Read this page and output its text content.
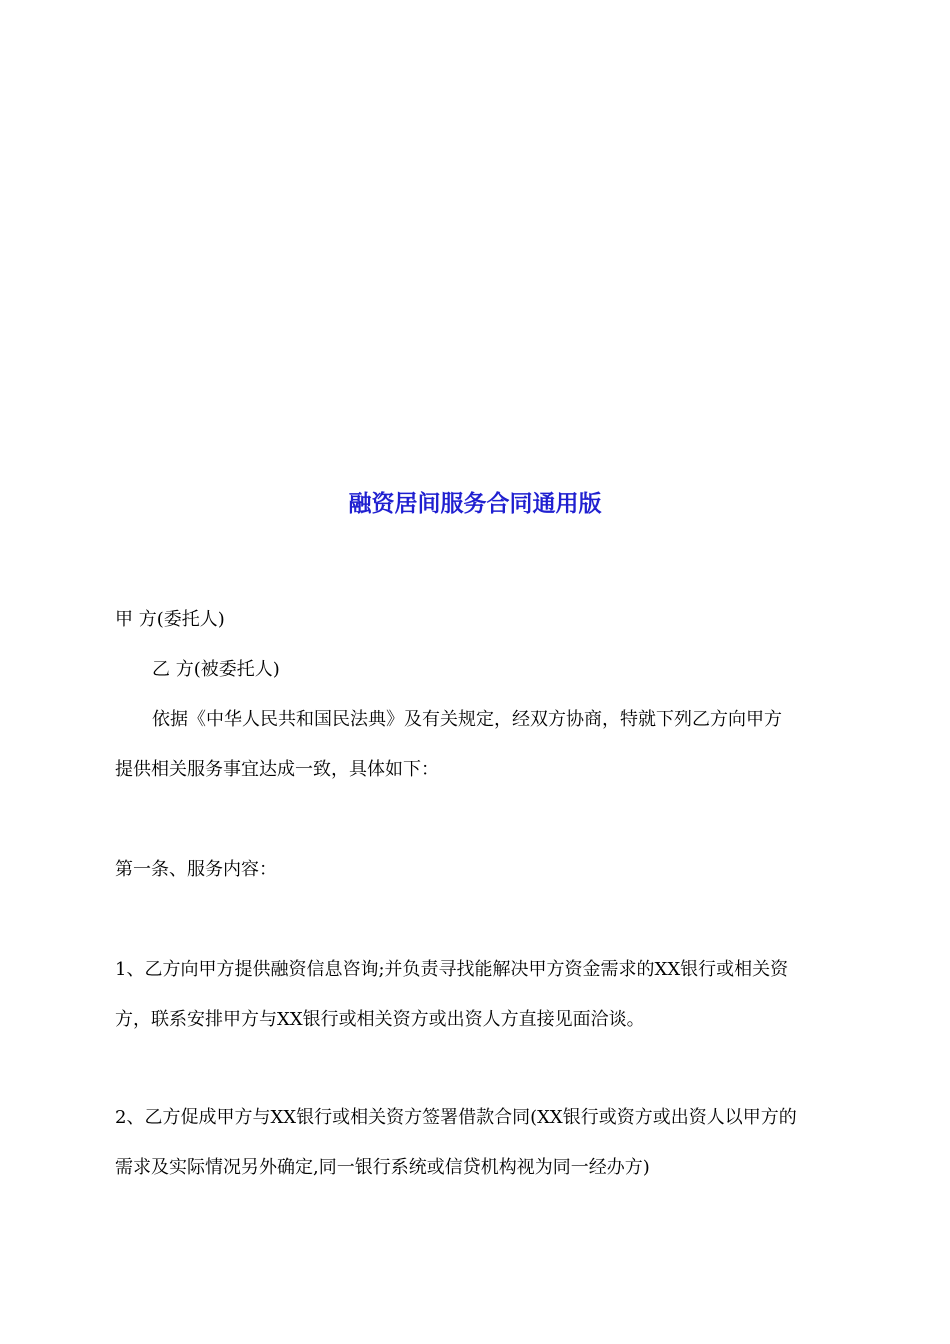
融资居间服务合同通用版
甲 方(委托人)
乙 方(被委托人)
依据《中华人民共和国民法典》及有关规定，经双方协商，特就下列乙方向甲方
提供相关服务事宜达成一致，具体如下：
第一条、服务内容：
1、乙方向甲方提供融资信息咨询;并负责寻找能解决甲方资金需求的XX银行或相关资
方，联系安排甲方与XX银行或相关资方或出资人方直接见面洽谈。
2、乙方促成甲方与XX银行或相关资方签署借款合同(XX银行或资方或出资人以甲方的
需求及实际情况另外确定,同一银行系统或信贷机构视为同一经办方)
